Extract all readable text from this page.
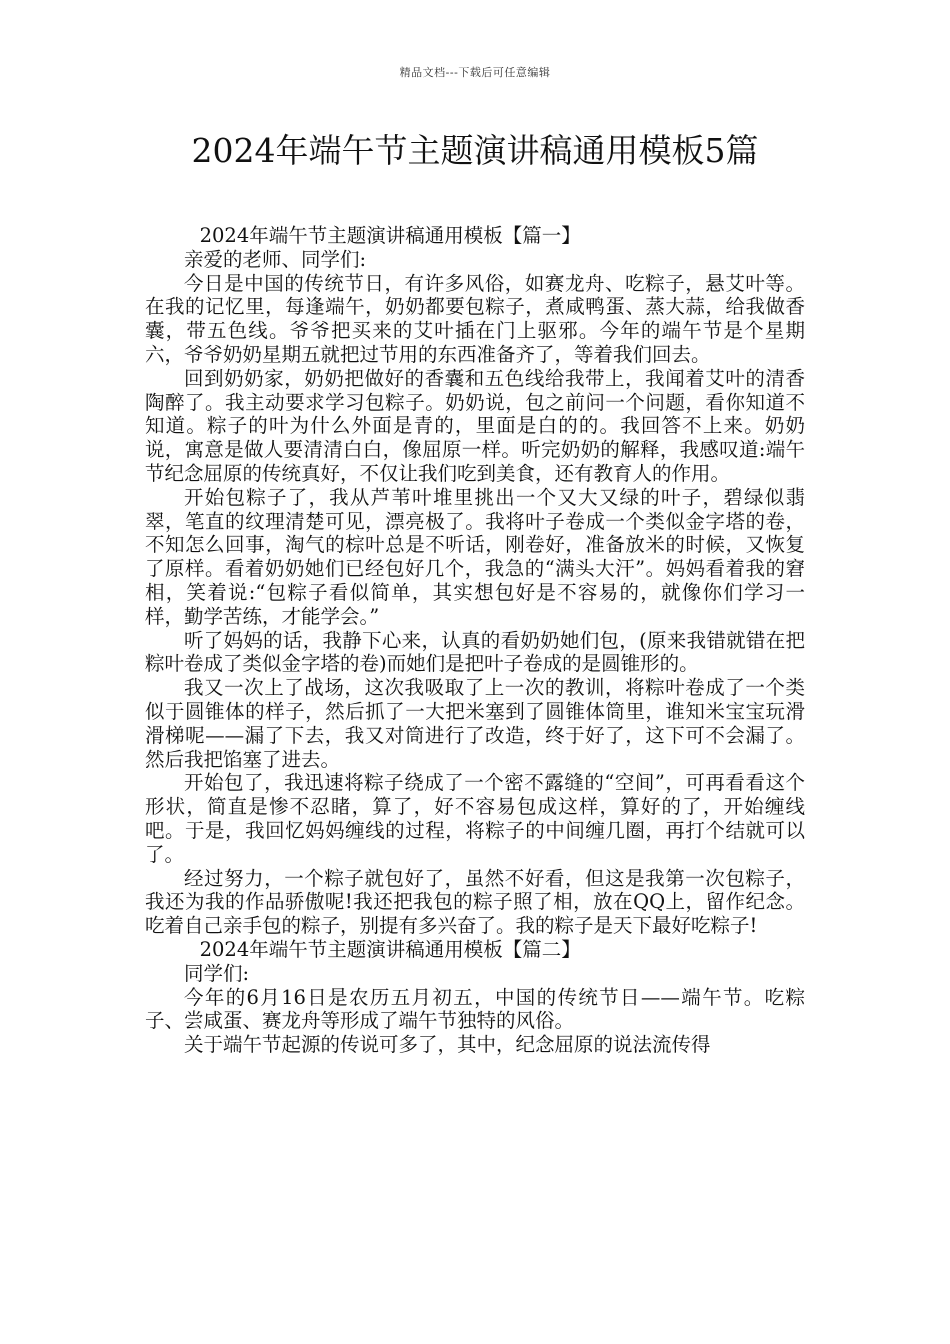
精品文档---下载后可任意编辑
2024年端午节主题演讲稿通用模板5篇

2024年端午节主题演讲稿通用模板【篇一】

亲爱的老师、同学们:

今日是中国的传统节日，有许多风俗，如赛龙舟、吃粽子，悬艾叶等。在我的记忆里，每逢端午，奶奶都要包粽子，煮咸鸭蛋、蒸大蒜，给我做香囊，带五色线。爷爷把买来的艾叶插在门上驱邪。今年的端午节是个星期六，爷爷奶奶星期五就把过节用的东西准备齐了，等着我们回去。

回到奶奶家，奶奶把做好的香囊和五色线给我带上，我闻着艾叶的清香陶醉了。我主动要求学习包粽子。奶奶说，包之前问一个问题，看你知道不知道。粽子的叶为什么外面是青的，里面是白的的。我回答不上来。奶奶说，寓意是做人要清清白白，像屈原一样。听完奶奶的解释，我感叹道:端午节纪念屈原的传统真好，不仅让我们吃到美食，还有教育人的作用。

开始包粽子了，我从芦苇叶堆里挑出一个又大又绿的叶子，碧绿似翡翠，笔直的纹理清楚可见，漂亮极了。我将叶子卷成一个类似金字塔的卷，不知怎么回事，淘气的棕叶总是不听话，刚卷好，准备放米的时候，又恢复了原样。看着奶奶她们已经包好几个，我急的“满头大汗”。妈妈看着我的窘相，笑着说:“包粽子看似简单，其实想包好是不容易的，就像你们学习一样，勤学苦练，才能学会。”

听了妈妈的话，我静下心来，认真的看奶奶她们包，(原来我错就错在把粽叶卷成了类似金字塔的卷)而她们是把叶子卷成的是圆锥形的。

我又一次上了战场，这次我吸取了上一次的教训，将粽叶卷成了一个类似于圆锥体的样子，然后抓了一大把米塞到了圆锥体筒里，谁知米宝宝玩滑滑梯呢——漏了下去，我又对筒进行了改造，终于好了，这下可不会漏了。然后我把馅塞了进去。

开始包了，我迅速将粽子绕成了一个密不露缝的“空间”，可再看看这个形状，简直是惨不忍睹，算了，好不容易包成这样，算好的了，开始缠线吧。于是，我回忆妈妈缠线的过程，将粽子的中间缠几圈，再打个结就可以了。

经过努力，一个粽子就包好了，虽然不好看，但这是我第一次包粽子，我还为我的作品骄傲呢!我还把我包的粽子照了相，放在QQ上，留作纪念。吃着自己亲手包的粽子，别提有多兴奋了。我的粽子是天下最好吃粽子!

2024年端午节主题演讲稿通用模板【篇二】

同学们:

今年的6月16日是农历五月初五，中国的传统节日——端午节。吃粽子、尝咸蛋、赛龙舟等形成了端午节独特的风俗。

关于端午节起源的传说可多了，其中，纪念屈原的说法流传得
